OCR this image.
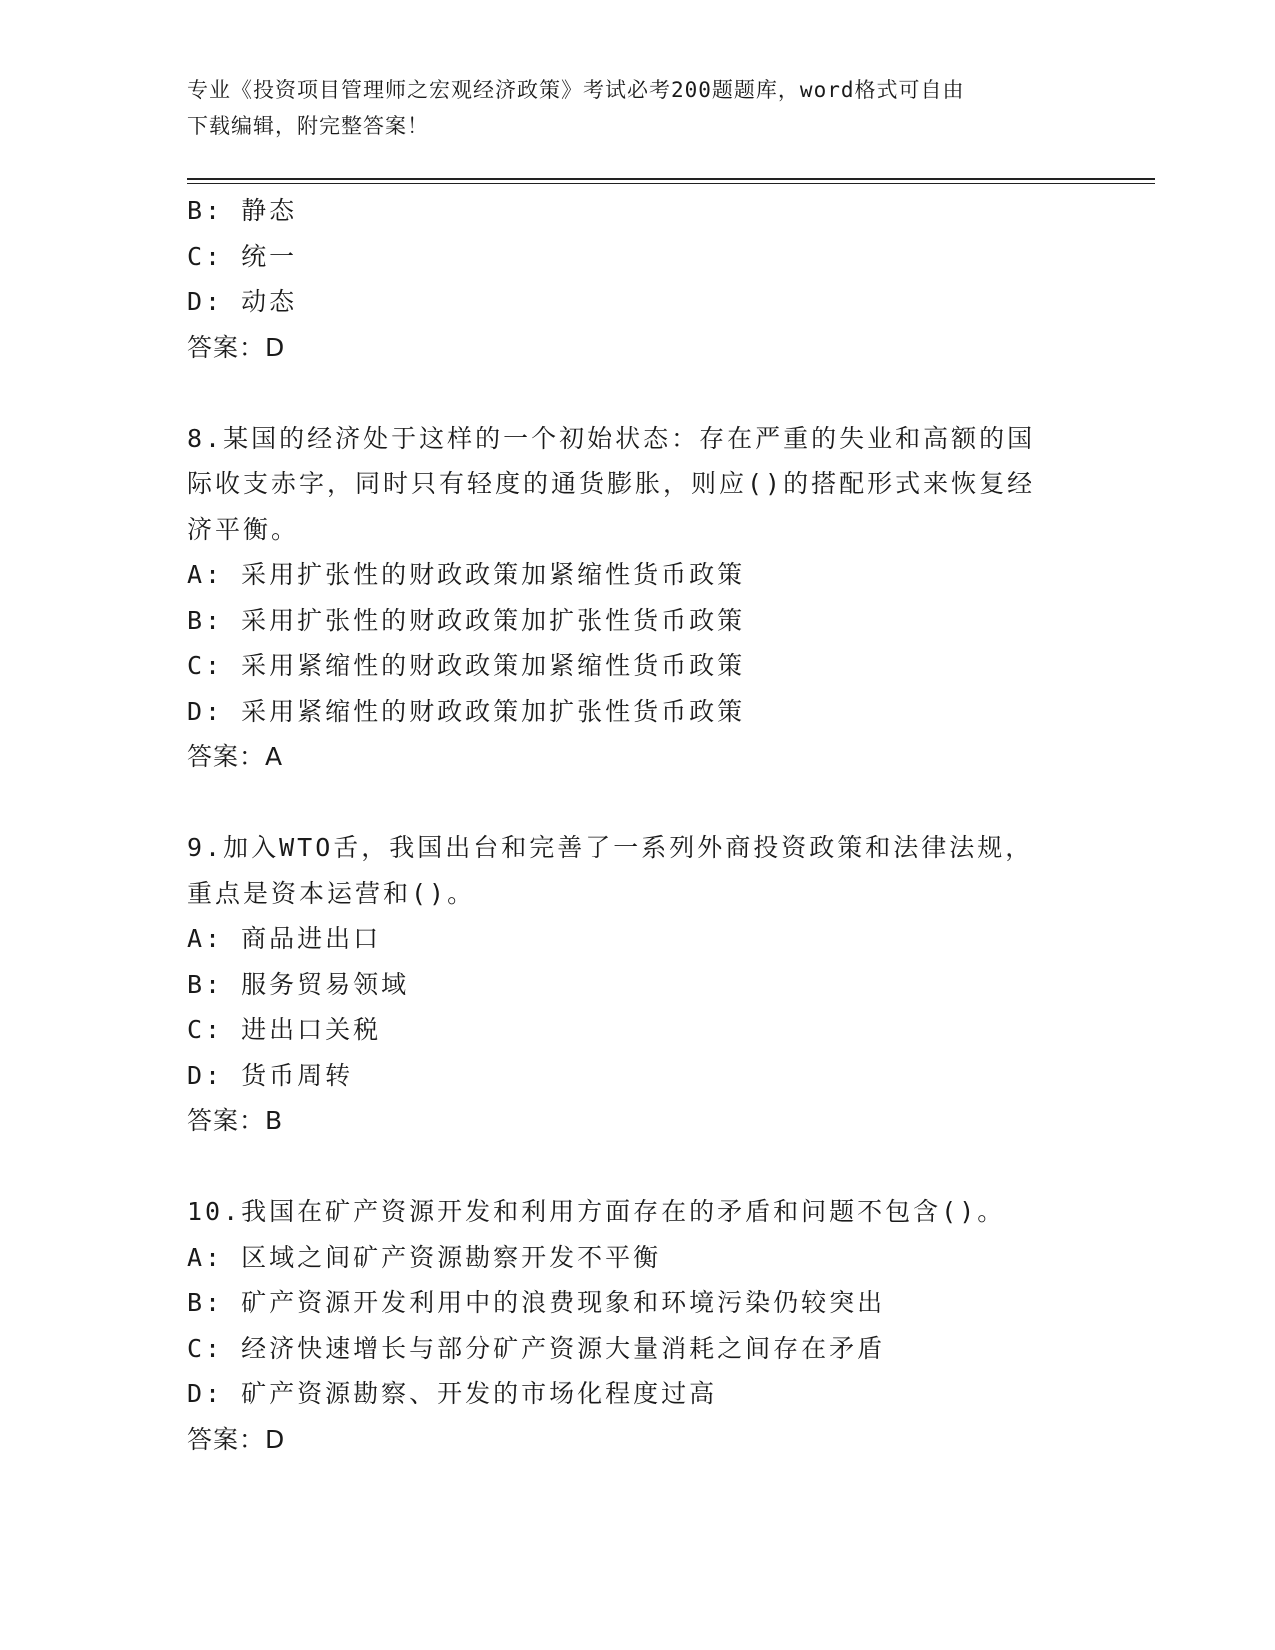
专业《投资项目管理师之宏观经济政策》考试必考200题题库，word格式可自由
下载编辑，附完整答案！
B: 静态
C: 统一
D: 动态
答案：D
8.某国的经济处于这样的一个初始状态：存在严重的失业和高额的国
际收支赤字，同时只有轻度的通货膨胀，则应()的搭配形式来恢复经
济平衡。
A: 采用扩张性的财政政策加紧缩性货币政策
B: 采用扩张性的财政政策加扩张性货币政策
C: 采用紧缩性的财政政策加紧缩性货币政策
D: 采用紧缩性的财政政策加扩张性货币政策
答案：A
9.加入WTO舌，我国出台和完善了一系列外商投资政策和法律法规，
重点是资本运营和()。
A: 商品进出口
B: 服务贸易领域
C: 进出口关税
D: 货币周转
答案：B
10.我国在矿产资源开发和利用方面存在的矛盾和问题不包含()。
A: 区域之间矿产资源勘察开发不平衡
B: 矿产资源开发利用中的浪费现象和环境污染仍较突出
C: 经济快速增长与部分矿产资源大量消耗之间存在矛盾
D: 矿产资源勘察、开发的市场化程度过高
答案：D
